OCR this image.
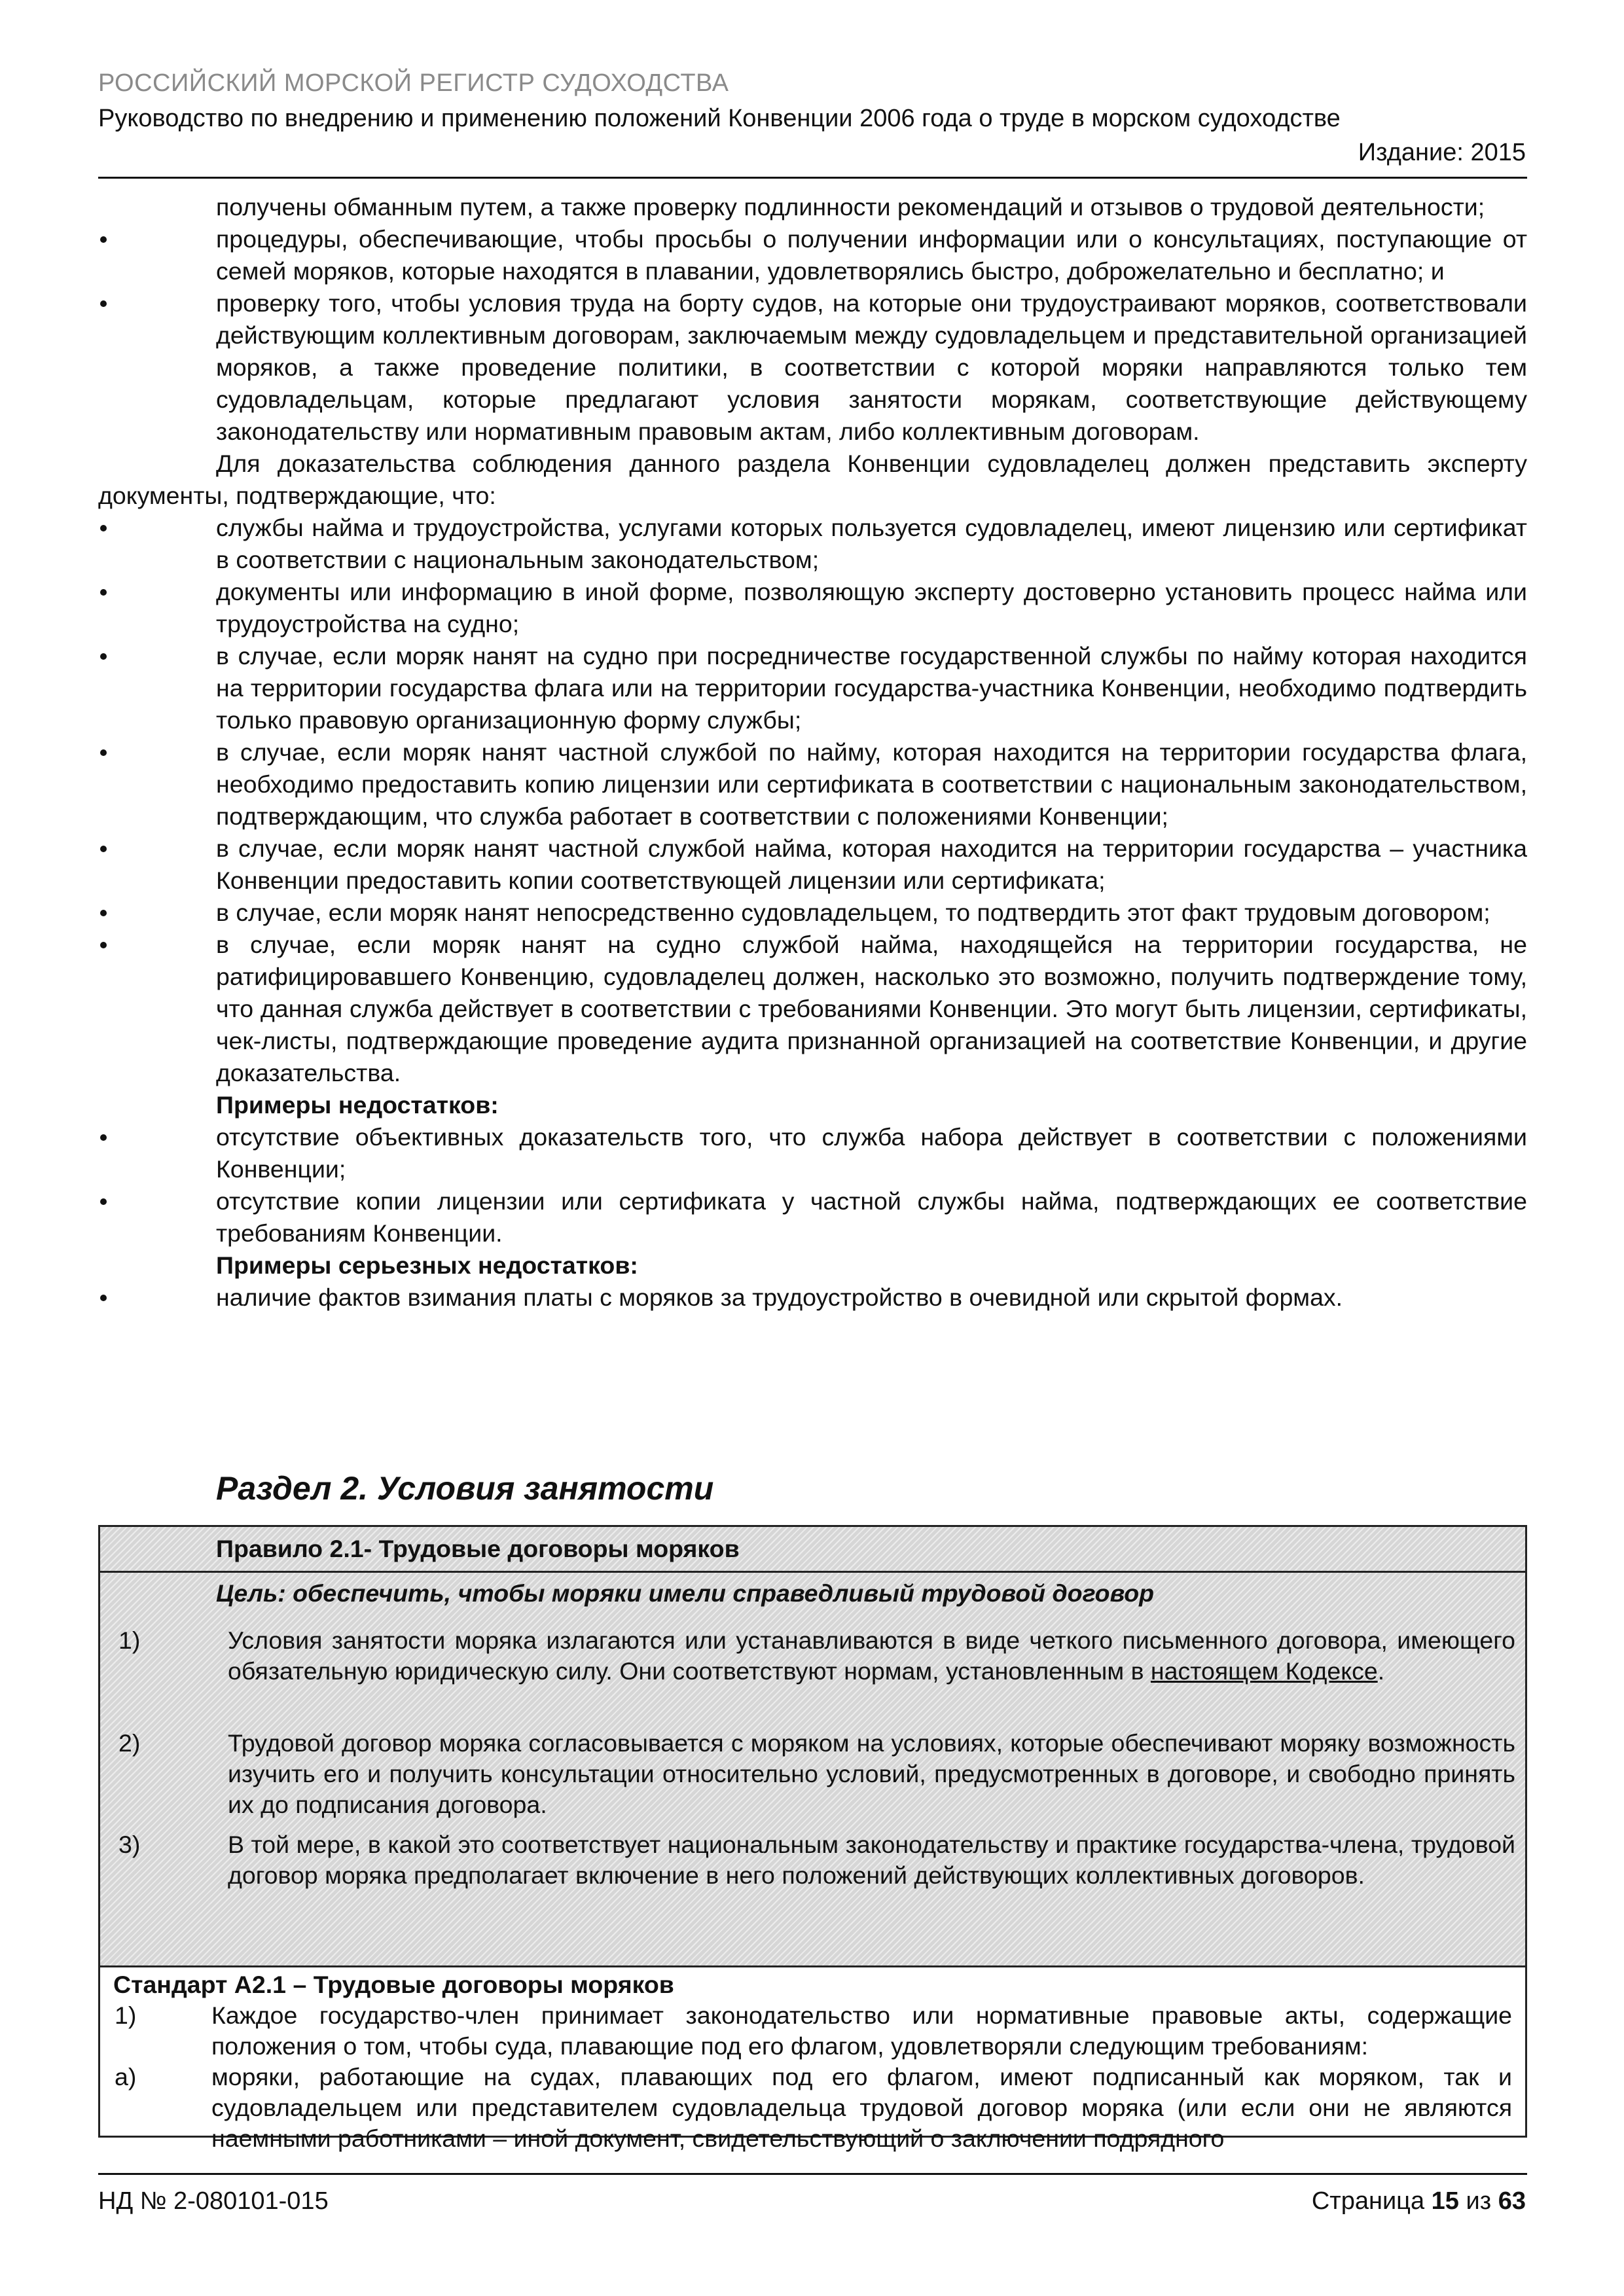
РОССИЙСКИЙ МОРСКОЙ РЕГИСТР СУДОХОДСТВА
Руководство по внедрению и применению положений Конвенции 2006 года о труде в морском судоходстве
Издание: 2015

получены обманным путем, а также проверку подлинности рекомендаций и отзывов о трудовой деятельности;

процедуры, обеспечивающие, чтобы просьбы о получении информации или о консультациях, поступающие от семей моряков, которые находятся в плавании, удовлетворялись быстро, доброжелательно и бесплатно; и
проверку того, чтобы условия труда на борту судов, на которые они трудоустраивают моряков, соответствовали действующим коллективным договорам, заключаемым между судовладельцем и представительной организацией моряков, а также проведение политики, в соответствии с которой моряки направляются только тем судовладельцам, которые предлагают условия занятости морякам, соответствующие действующему законодательству или нормативным правовым актам, либо коллективным договорам.

Для доказательства соблюдения данного раздела Конвенции судовладелец должен представить эксперту документы, подтверждающие, что:

службы найма и трудоустройства, услугами которых пользуется судовладелец, имеют лицензию или сертификат в соответствии с национальным законодательством;
документы или информацию в иной форме, позволяющую эксперту достоверно установить процесс найма или трудоустройства на судно;
в случае, если моряк нанят на судно при посредничестве государственной службы по найму которая находится на территории государства флага или на территории государства-участника Конвенции, необходимо подтвердить только правовую организационную форму службы;
в случае, если моряк нанят частной службой по найму, которая находится на территории государства флага, необходимо предоставить копию лицензии или сертификата в соответствии с национальным законодательством, подтверждающим, что служба работает в соответствии с положениями Конвенции;
в случае, если моряк нанят частной службой найма, которая находится на территории государства – участника Конвенции предоставить копии соответствующей лицензии или сертификата;
в случае, если моряк нанят непосредственно судовладельцем, то подтвердить этот факт трудовым договором;
в случае, если моряк нанят на судно службой найма, находящейся на территории государства, не ратифицировавшего Конвенцию, судовладелец должен, насколько это возможно, получить подтверждение тому, что данная служба действует в соответствии с требованиями Конвенции. Это могут быть лицензии, сертификаты, чек-листы, подтверждающие проведение аудита признанной организацией на соответствие Конвенции, и другие доказательства.

Примеры недостатков:

отсутствие объективных доказательств того, что служба набора действует в соответствии с положениями Конвенции;
отсутствие копии лицензии или сертификата у частной службы найма, подтверждающих ее соответствие требованиям Конвенции.

Примеры серьезных недостатков:

наличие фактов взимания платы с моряков за трудоустройство в очевидной или скрытой формах.
Раздел 2. Условия занятости
Правило 2.1- Трудовые договоры моряков
Цель: обеспечить, чтобы моряки имели справедливый трудовой договор
1)	Условия занятости моряка излагаются или устанавливаются в виде четкого письменного договора, имеющего обязательную юридическую силу. Они соответствуют нормам, установленным в настоящем Кодексе.
2)	Трудовой договор моряка согласовывается с моряком на условиях, которые обеспечивают моряку возможность изучить его и получить консультации относительно условий, предусмотренных в договоре, и свободно принять их до подписания договора.
3)	В той мере, в какой это соответствует национальным законодательству и практике государства-члена, трудовой договор моряка предполагает включение в него положений действующих коллективных договоров.
Стандарт A2.1 – Трудовые договоры моряков
1)	Каждое государство-член принимает законодательство или нормативные правовые акты, содержащие положения о том, чтобы суда, плавающие под его флагом, удовлетворяли следующим требованиям:
a)	моряки, работающие на судах, плавающих под его флагом, имеют подписанный как моряком, так и судовладельцем или представителем судовладельца трудовой договор моряка (или если они не являются наемными работниками – иной документ, свидетельствующий о заключении подрядного
НД № 2-080101-015	Страница 15 из 63
